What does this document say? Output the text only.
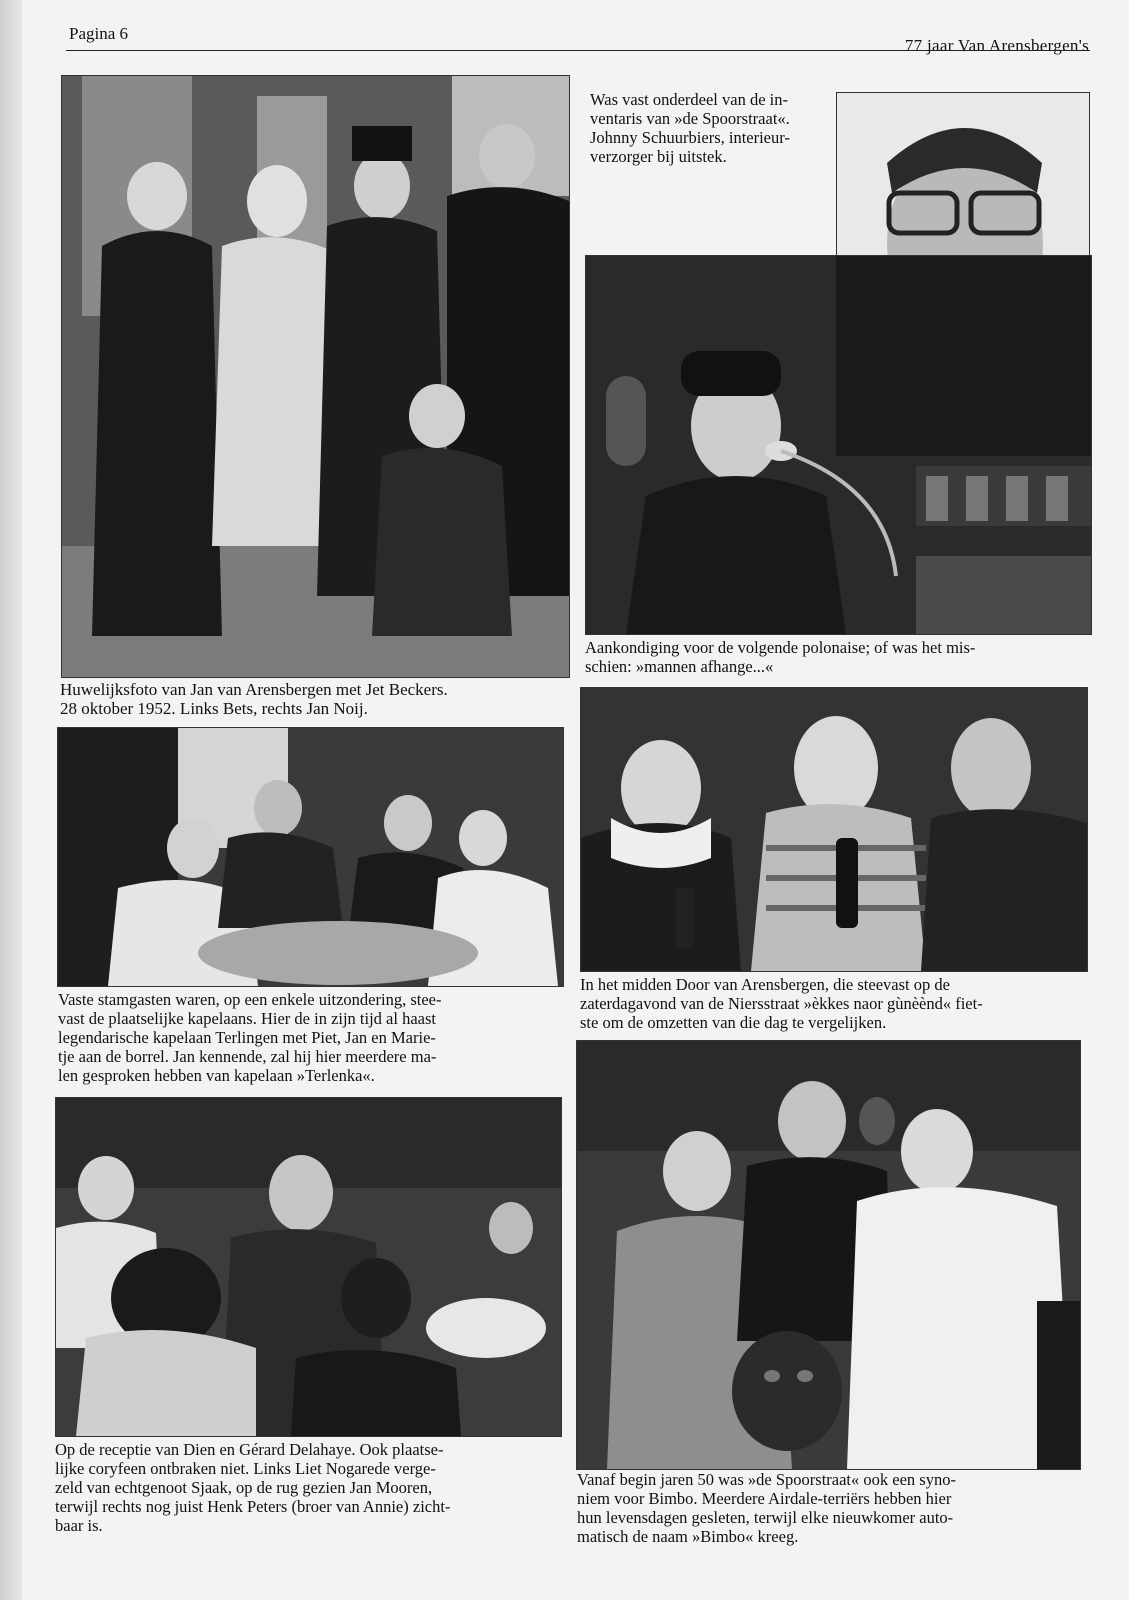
Pagina 6
77 jaar Van Arensbergen's
Huwelijksfoto van Jan van Arensbergen met Jet Beckers.
28 oktober 1952. Links Bets, rechts Jan Noij.
Was vast onderdeel van de in-
ventaris van »de Spoorstraat«.
Johnny Schuurbiers, interieur-
verzorger bij uitstek.
Aankondiging voor de volgende polonaise; of was het mis-
schien: »mannen afhange...«
Vaste stamgasten waren, op een enkele uitzondering, stee-
vast de plaatselijke kapelaans. Hier de in zijn tijd al haast
legendarische kapelaan Terlingen met Piet, Jan en Marie-
tje aan de borrel. Jan kennende, zal hij hier meerdere ma-
len gesproken hebben van kapelaan »Terlenka«.
In het midden Door van Arensbergen, die steevast op de
zaterdagavond van de Niersstraat »èkkes naor gùnèènd« fiet-
ste om de omzetten van die dag te vergelijken.
Op de receptie van Dien en Gérard Delahaye. Ook plaatse-
lijke coryfeen ontbraken niet. Links Liet Nogarede verge-
zeld van echtgenoot Sjaak, op de rug gezien Jan Mooren,
terwijl rechts nog juist Henk Peters (broer van Annie) zicht-
baar is.
Vanaf begin jaren 50 was »de Spoorstraat« ook een syno-
niem voor Bimbo. Meerdere Airdale-terriërs hebben hier
hun levensdagen gesleten, terwijl elke nieuwkomer auto-
matisch de naam »Bimbo« kreeg.
